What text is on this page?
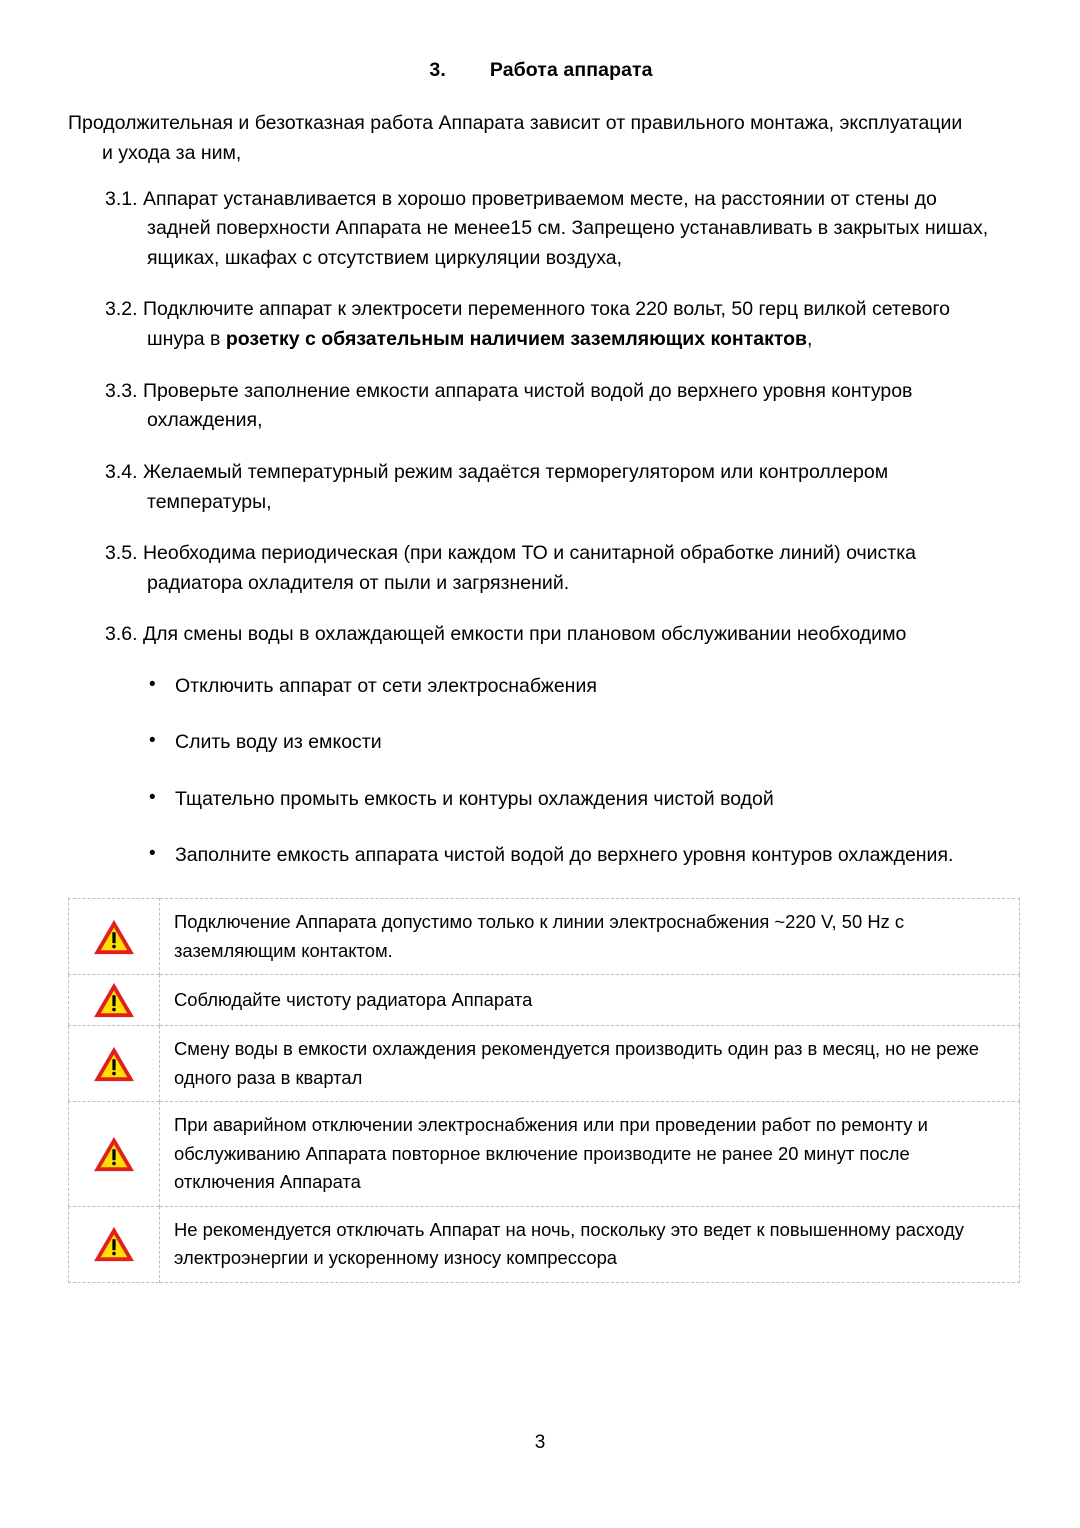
3. Работа аппарата

Продолжительная и безотказная работа Аппарата зависит от правильного монтажа, эксплуатации
и ухода за ним,

3.1. Аппарат устанавливается в хорошо проветриваемом месте, на расстоянии от стены до
задней поверхности Аппарата не менее15 см. Запрещено устанавливать в закрытых нишах,
ящиках, шкафах с отсутствием циркуляции воздуха,

3.2. Подключите аппарат к электросети переменного тока 220 вольт, 50 герц вилкой сетевого
шнура в розетку с обязательным наличием заземляющих контактов,

3.3. Проверьте заполнение емкости аппарата чистой водой до верхнего уровня контуров
охлаждения,

3.4. Желаемый температурный режим задаётся терморегулятором или контроллером
температуры,

3.5. Необходима периодическая (при каждом ТО и санитарной обработке линий) очистка
радиатора охладителя от пыли и загрязнений.

3.6. Для смены воды в охлаждающей емкости при плановом обслуживании необходимо

• Отключить аппарат от сети электроснабжения
• Слить воду из емкости
• Тщательно промыть емкость и контуры охлаждения чистой водой
• Заполните емкость аппарата чистой водой до верхнего уровня контуров охлаждения.
	Подключение Аппарата допустимо только к линии электроснабжения ~220 V, 50 Hz с заземляющим контактом.

	Соблюдайте чистоту радиатора Аппарата

	Смену воды в емкости охлаждения рекомендуется производить один раз в месяц, но не реже одного раза в квартал

	При аварийном отключении электроснабжения или при проведении работ по ремонту и обслуживанию Аппарата повторное включение производите не ранее 20 минут после отключения Аппарата

	Не рекомендуется отключать Аппарат на ночь, поскольку это ведет к повышенному расходу электроэнергии и ускоренному износу компрессора
3
